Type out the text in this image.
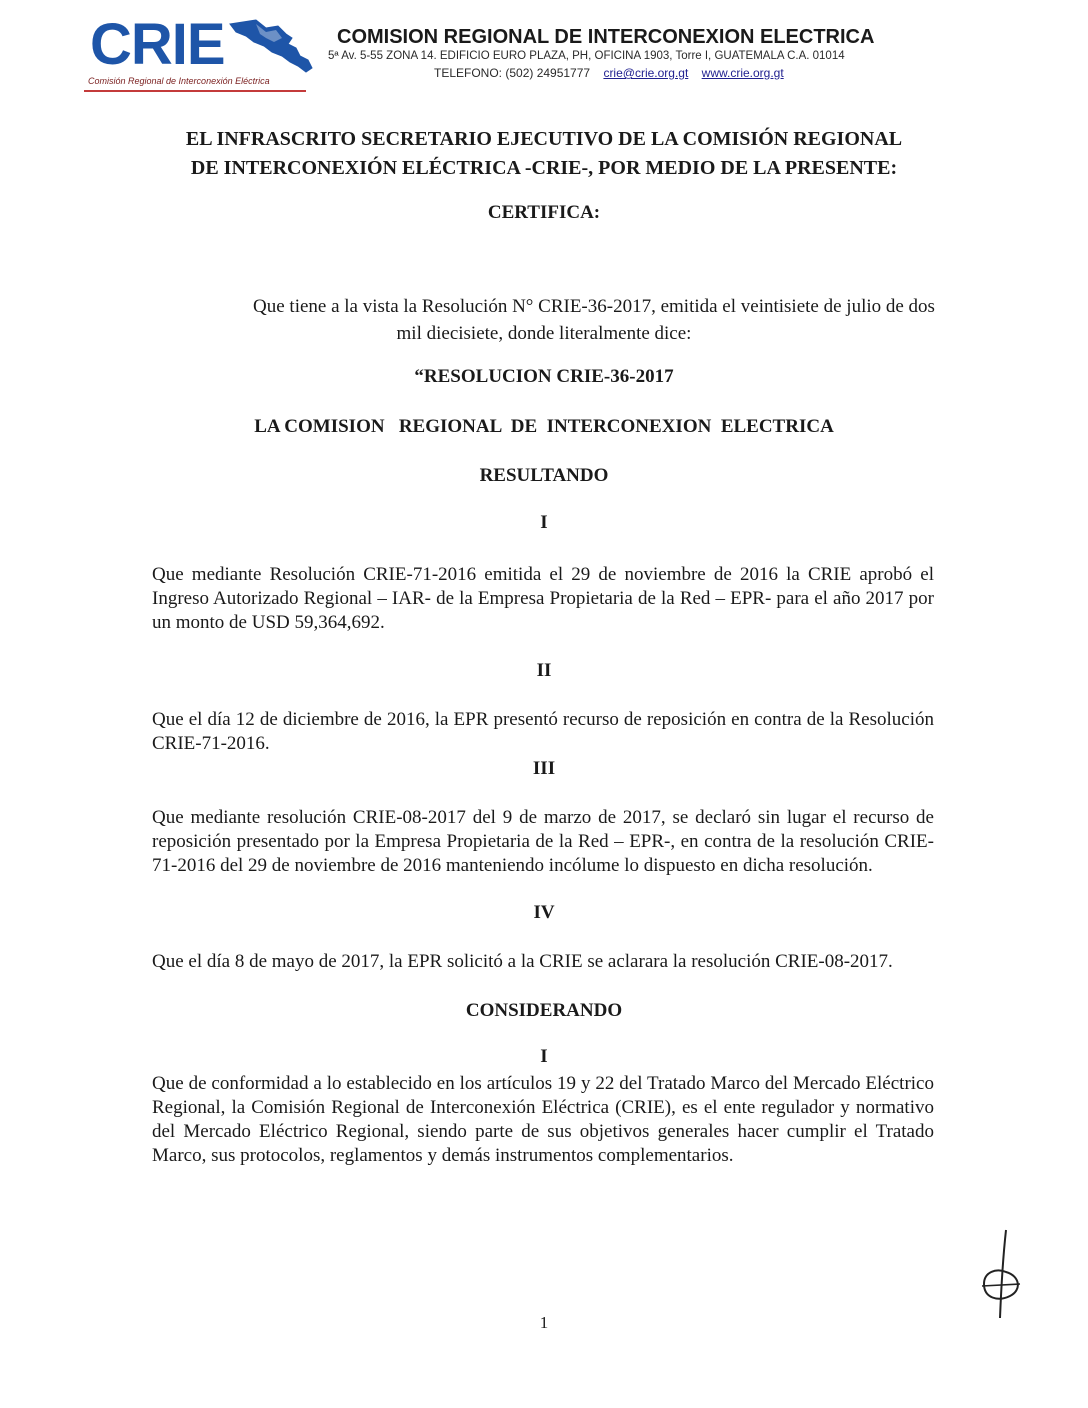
CRIE
Comisión Regional de Interconexión Eléctrica
COMISION REGIONAL DE INTERCONEXION ELECTRICA
5ª Av. 5-55 ZONA 14. EDIFICIO EURO PLAZA, PH, OFICINA 1903, Torre I, GUATEMALA C.A. 01014
TELEFONO: (502) 24951777 crie@crie.org.gt www.crie.org.gt
EL INFRASCRITO SECRETARIO EJECUTIVO DE LA COMISIÓN REGIONAL
DE INTERCONEXIÓN ELÉCTRICA -CRIE-, POR MEDIO DE LA PRESENTE:
CERTIFICA:
Que tiene a la vista la Resolución N° CRIE-36-2017, emitida el veintisiete de julio de dos
mil diecisiete, donde literalmente dice:
“RESOLUCION CRIE-36-2017
LA COMISION   REGIONAL  DE  INTERCONEXION  ELECTRICA
RESULTANDO
I
Que mediante Resolución CRIE-71-2016 emitida el 29 de noviembre de 2016 la CRIE aprobó el Ingreso Autorizado Regional – IAR- de la Empresa Propietaria de la Red – EPR- para el año 2017 por un monto de USD 59,364,692.
II
Que el día 12 de diciembre de 2016, la EPR presentó recurso de reposición en contra de la Resolución CRIE-71-2016.
III
Que mediante resolución CRIE-08-2017 del 9 de marzo de 2017, se declaró sin lugar el recurso de reposición presentado por la Empresa Propietaria de la Red – EPR-, en contra de la resolución CRIE-71-2016 del 29 de noviembre de 2016 manteniendo incólume lo dispuesto en dicha resolución.
IV
Que el día 8 de mayo de 2017, la EPR solicitó a la CRIE se aclarara la resolución CRIE-08-2017.
CONSIDERANDO
I
Que de conformidad a lo establecido en los artículos 19 y 22 del Tratado Marco del Mercado Eléctrico Regional, la Comisión Regional de Interconexión Eléctrica (CRIE), es el ente regulador y normativo del Mercado Eléctrico Regional, siendo parte de sus objetivos generales hacer cumplir el Tratado Marco, sus protocolos, reglamentos y demás instrumentos complementarios.
1
